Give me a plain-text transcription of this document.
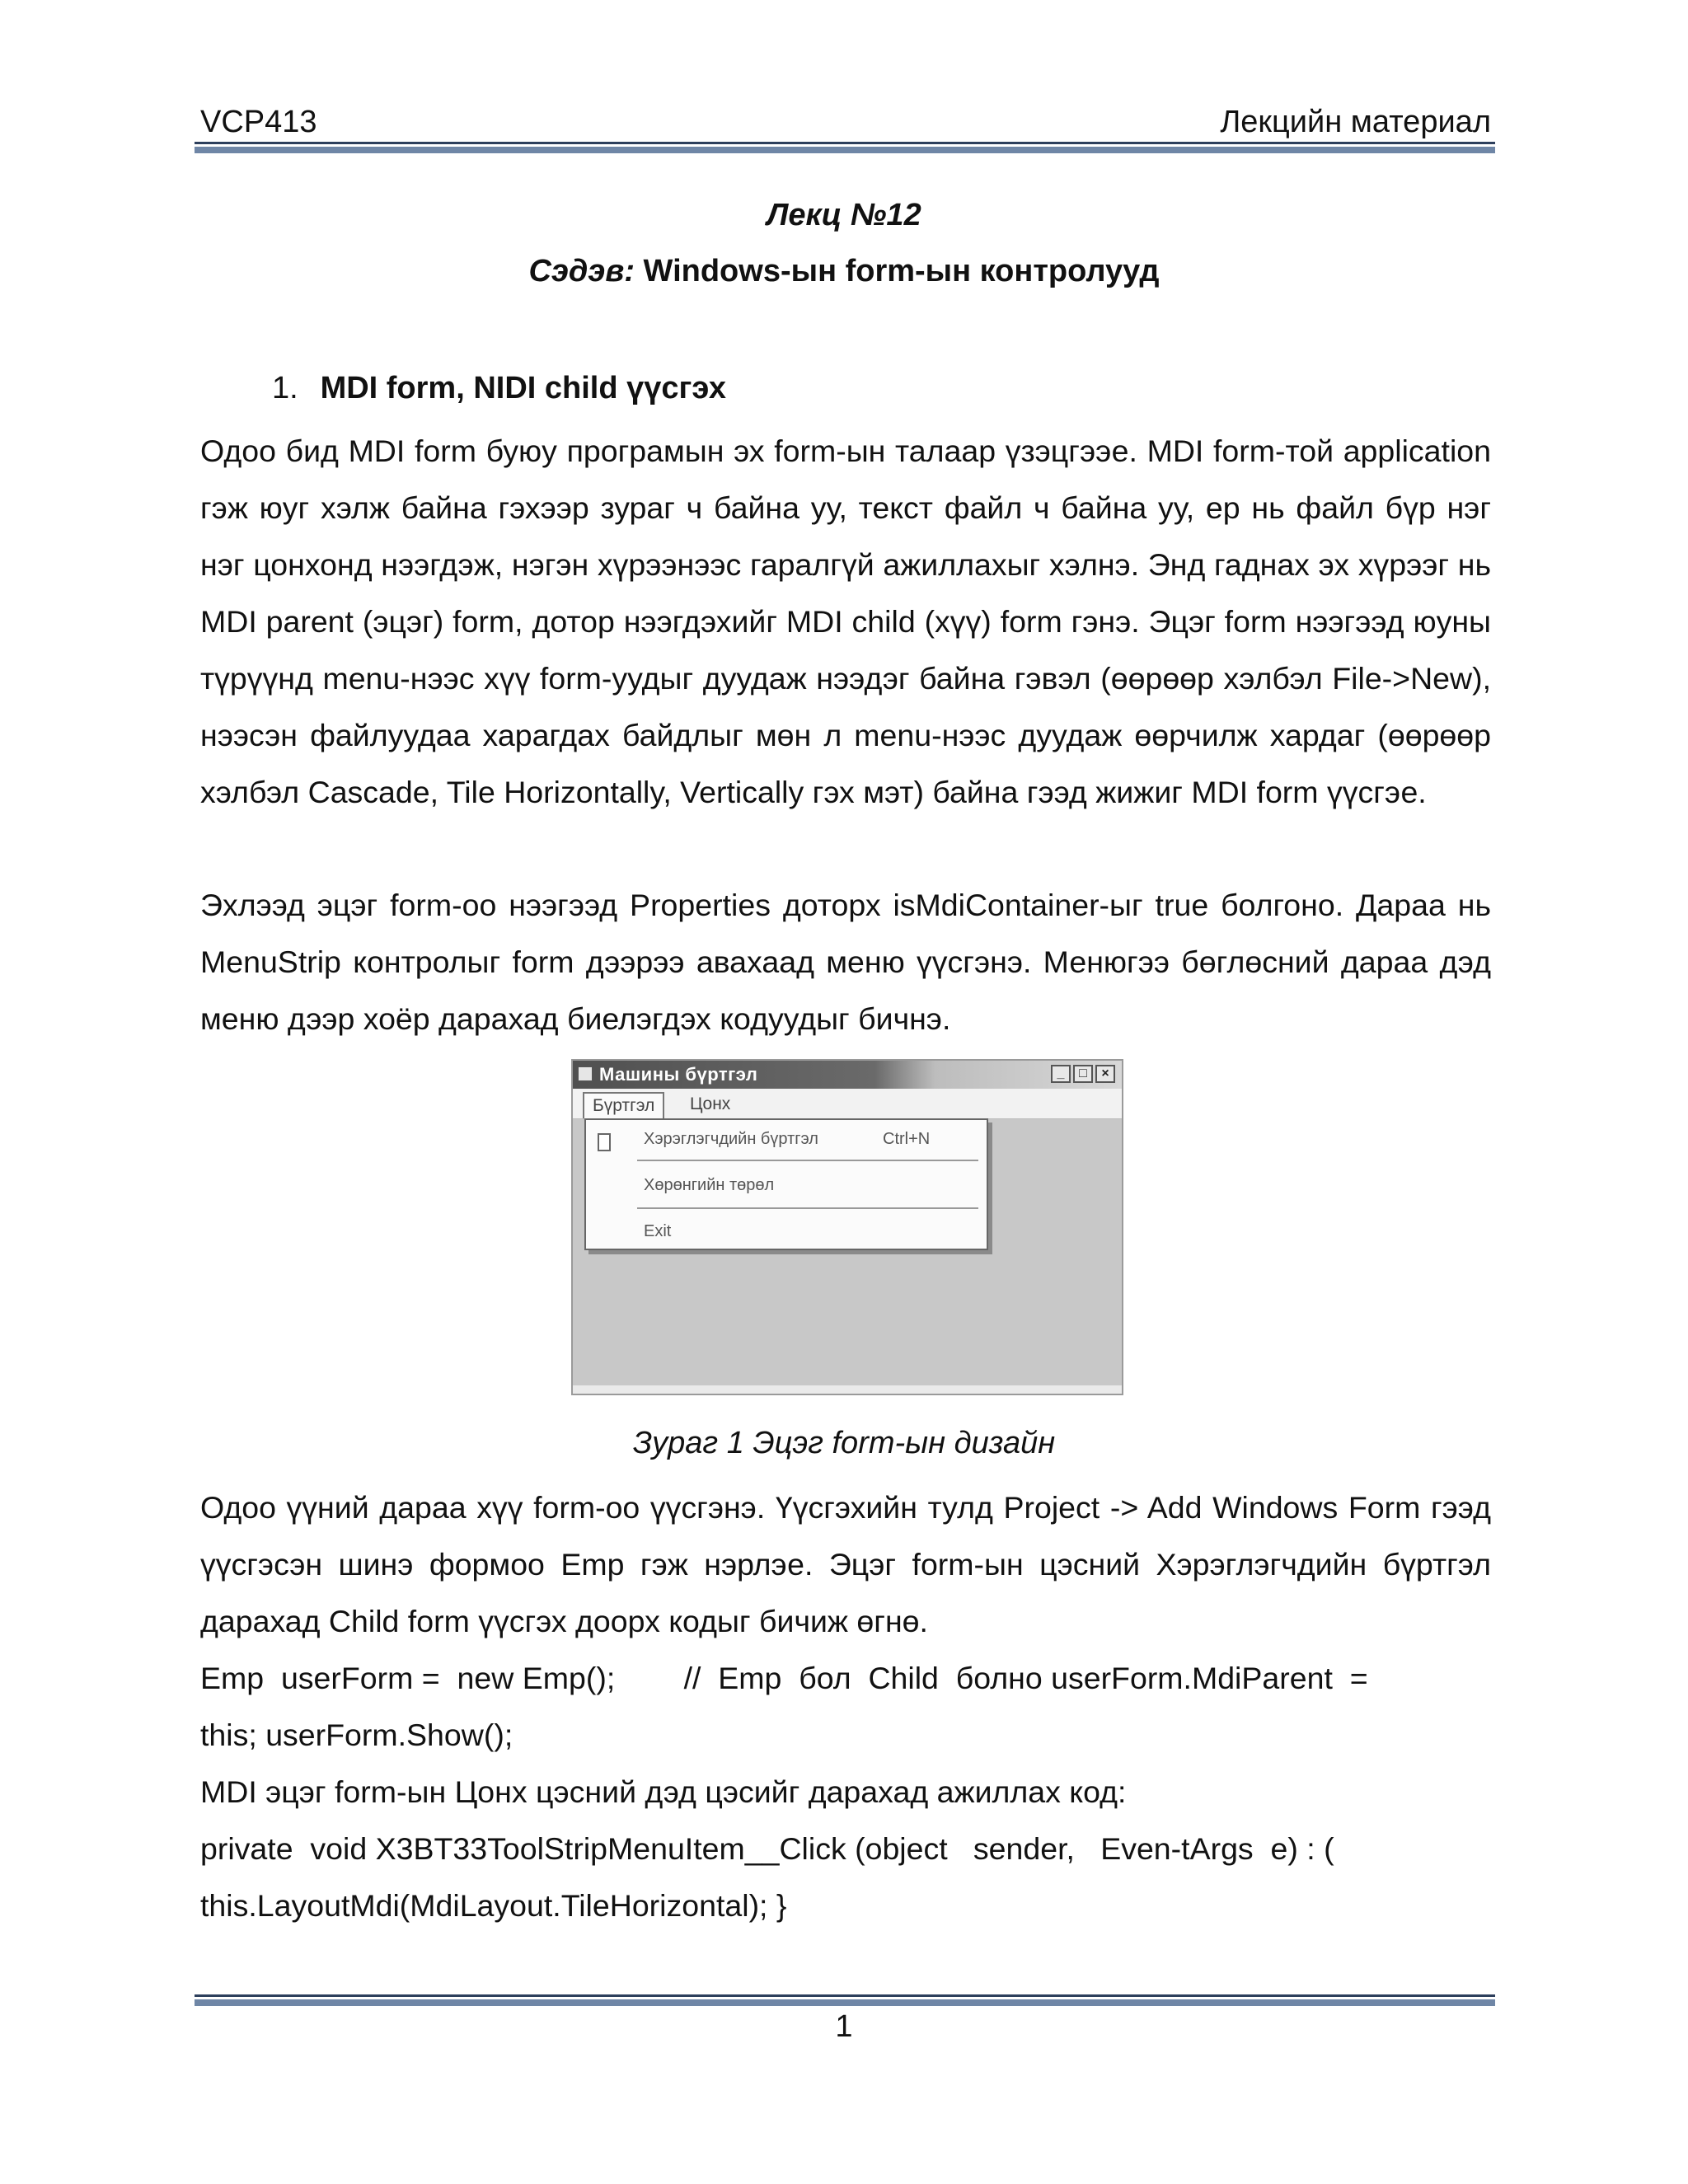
VCP413	Лекцийн материал
Лекц №12
Сэдэв: Windows-ын form-ын контролууд
1. MDI form, NIDI child үүсгэх

Одоо бид MDI form буюу програмын эх form-ын талаар үзэцгээе. MDI form-той application гэж юуг хэлж байна гэхээр зураг ч байна уу, текст файл ч байна уу, ер нь файл бүр нэг нэг цонхонд нээгдэж, нэгэн хүрээнээс гаралгүй ажиллахыг хэлнэ. Энд гаднах эх хүрээг нь MDI parent (эцэг) form, дотор нээгдэхийг MDI child (хүү) form гэнэ. Эцэг form нээгээд юуны түрүүнд menu-нээс хүү form-уудыг дуудаж нээдэг байна гэвэл (өөрөөр хэлбэл File->New), нээсэн файлуудаа харагдах байдлыг мөн л menu-нээс дуудаж өөрчилж хардаг (өөрөөр хэлбэл Cascade, Tile Horizontally, Vertically гэх мэт) байна гээд жижиг MDI form үүсгэе.

Эхлээд эцэг form-оо нээгээд Properties доторх isMdiContainer-ыг true болгоно. Дараа нь MenuStrip контролыг form дээрээ авахаад меню үүсгэнэ. Менюгээ бөглөсний дараа дэд меню дээр хоёр дарахад биелэгдэх кодуудыг бичнэ.

Машины бүртгэл	_	□	×
Бүртгэл	Цонх
Хэрэглэгчдийн бүртгэл	Ctrl+N
Хөрөнгийн төрөл
Exit
Зураг 1 Эцэг form-ын дизайн

Одоо үүний дараа хүү form-оо үүсгэнэ. Үүсгэхийн тулд Project -> Add Windows Form гээд үүсгэсэн шинэ формоо Emp гэж нэрлэе. Эцэг form-ын цэсний Хэрэглэгчдийн бүртгэл дарахад Child form үүсгэх доорх кодыг бичиж өгнө.

Emp  userForm =  new Emp();        //  Emp  бол  Child  болно userForm.MdiParent  =
this; userForm.Show();

MDI эцэг form-ын Цонх цэсний дэд цэсийг дарахад ажиллах код:

private  void X3BT33ToolStripMenuItem__Click (object   sender,   Even-tArgs  e) : (
this.LayoutMdi(MdiLayout.TileHorizontal); }
1
